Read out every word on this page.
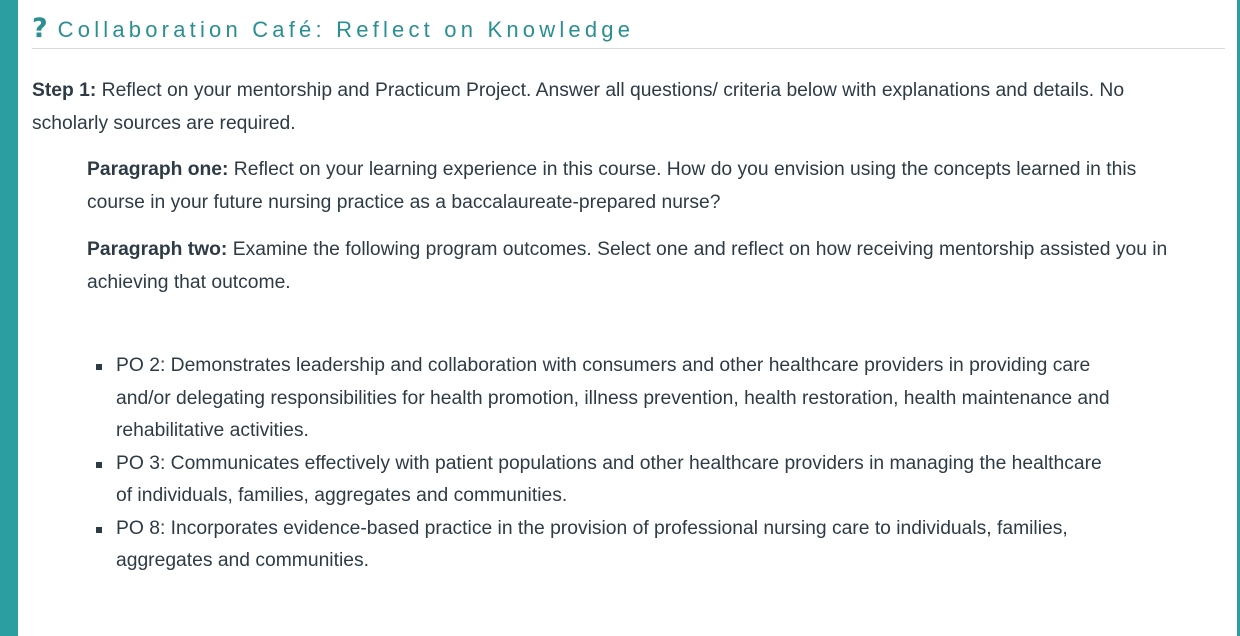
? Collaboration Café: Reflect on Knowledge

Step 1: Reflect on your mentorship and Practicum Project. Answer all questions/ criteria below with explanations and details. No scholarly sources are required.

Paragraph one: Reflect on your learning experience in this course. How do you envision using the concepts learned in this course in your future nursing practice as a baccalaureate-prepared nurse?

Paragraph two: Examine the following program outcomes. Select one and reflect on how receiving mentorship assisted you in achieving that outcome.

PO 2: Demonstrates leadership and collaboration with consumers and other healthcare providers in providing care and/or delegating responsibilities for health promotion, illness prevention, health restoration, health maintenance and rehabilitative activities.
PO 3: Communicates effectively with patient populations and other healthcare providers in managing the healthcare of individuals, families, aggregates and communities.
PO 8: Incorporates evidence-based practice in the provision of professional nursing care to individuals, families, aggregates and communities.
